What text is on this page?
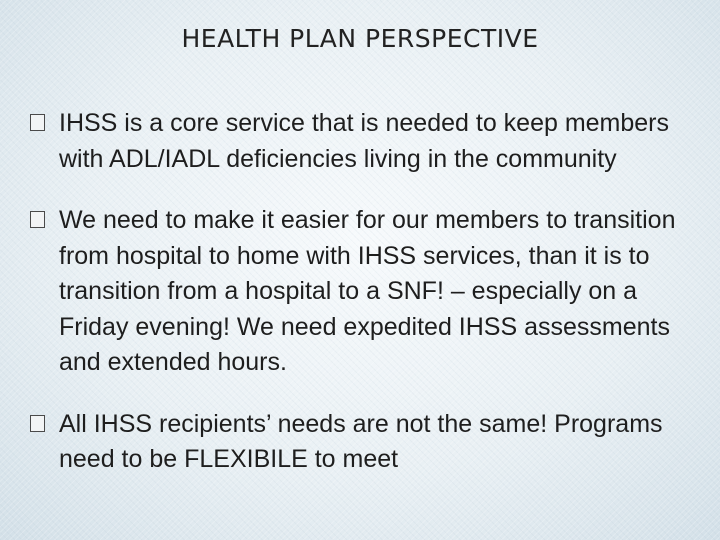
HEALTH PLAN PERSPECTIVE
IHSS is a core service that is needed to keep members with ADL/IADL deficiencies living in the community
We need to make it easier for our members to transition from hospital to home with IHSS services, than it is to transition from a hospital to a SNF! – especially on a Friday evening! We need expedited IHSS assessments and extended hours.
All IHSS recipients’ needs are not the same! Programs need to be FLEXIBILE to meet
